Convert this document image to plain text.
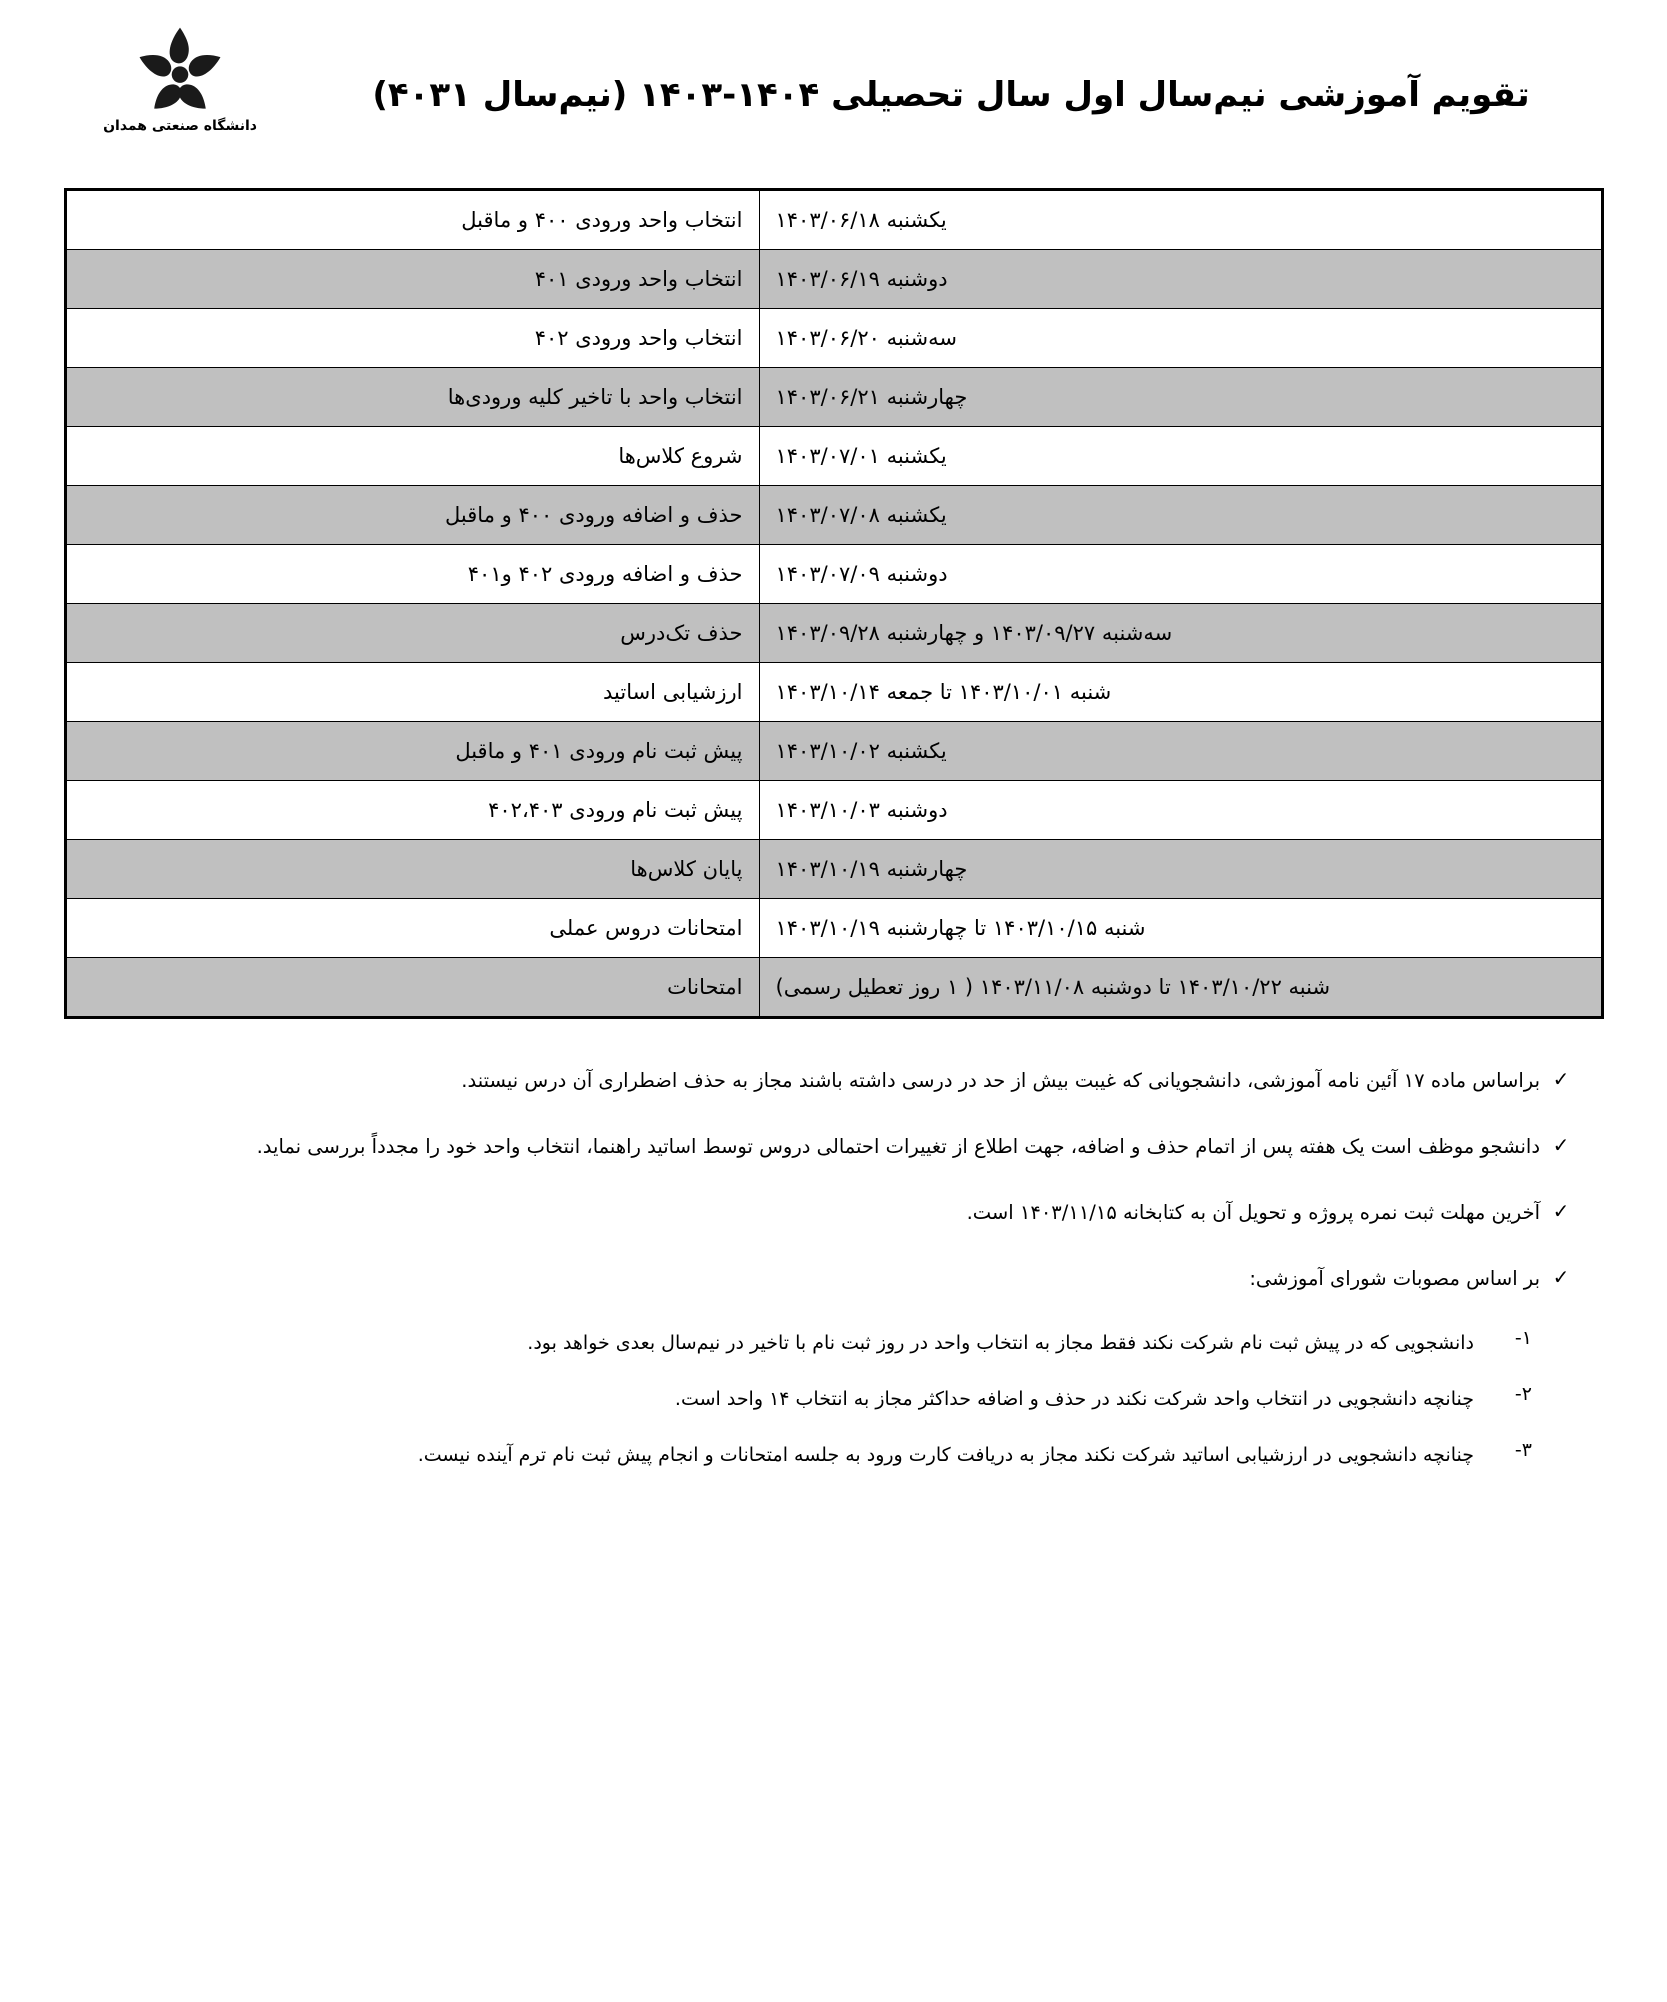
تقویم آموزشی نیم‌سال اول سال تحصیلی ۱۴۰۴-۱۴۰۳ (نیم‌سال ۴۰۳۱)
دانشگاه صنعتی همدان
یکشنبه ۱۴۰۳/۰۶/۱۸	انتخاب واحد ورودی ۴۰۰ و ماقبل
دوشنبه ۱۴۰۳/۰۶/۱۹	انتخاب واحد ورودی ۴۰۱
سه‌شنبه ۱۴۰۳/۰۶/۲۰	انتخاب واحد ورودی ۴۰۲
چهارشنبه ۱۴۰۳/۰۶/۲۱	انتخاب واحد با تاخیر کلیه ورودی‌ها
یکشنبه ۱۴۰۳/۰۷/۰۱	شروع کلاس‌ها
یکشنبه ۱۴۰۳/۰۷/۰۸	حذف و اضافه ورودی ۴۰۰ و ماقبل
دوشنبه ۱۴۰۳/۰۷/۰۹	حذف و اضافه ورودی ۴۰۲ و۴۰۱
سه‌شنبه ۱۴۰۳/۰۹/۲۷ و چهارشنبه ۱۴۰۳/۰۹/۲۸	حذف تک‌درس
شنبه ۱۴۰۳/۱۰/۰۱ تا جمعه ۱۴۰۳/۱۰/۱۴	ارزشیابی اساتید
یکشنبه ۱۴۰۳/۱۰/۰۲	پیش ثبت نام ورودی ۴۰۱ و ماقبل
دوشنبه ۱۴۰۳/۱۰/۰۳	پیش ثبت نام ورودی ۴۰۲،۴۰۳
چهارشنبه ۱۴۰۳/۱۰/۱۹	پایان کلاس‌ها
شنبه ۱۴۰۳/۱۰/۱۵ تا چهارشنبه ۱۴۰۳/۱۰/۱۹	امتحانات دروس عملی
شنبه ۱۴۰۳/۱۰/۲۲ تا دوشنبه ۱۴۰۳/۱۱/۰۸ ( ۱ روز تعطیل رسمی)	امتحانات
✓
براساس ماده ۱۷ آئین نامه آموزشی، دانشجویانی که غیبت بیش از حد در درسی داشته باشند مجاز به حذف اضطراری آن درس نیستند.
✓
دانشجو موظف است یک هفته پس از اتمام حذف و اضافه، جهت اطلاع از تغییرات احتمالی دروس توسط اساتید راهنما، انتخاب واحد خود را مجدداً بررسی نماید.
✓
آخرین مهلت ثبت نمره پروژه و تحویل آن به کتابخانه ۱۴۰۳/۱۱/۱۵ است.
✓
بر اساس مصوبات شورای آموزشی:
۱-
دانشجویی که در پیش ثبت نام شرکت نکند فقط مجاز به انتخاب واحد در روز ثبت نام با تاخیر در نیم‌سال بعدی خواهد بود.
۲-
چنانچه دانشجویی در انتخاب واحد شرکت نکند در حذف و اضافه حداکثر مجاز به انتخاب ۱۴ واحد است.
۳-
چنانچه دانشجویی در ارزشیابی اساتید شرکت نکند مجاز به دریافت کارت ورود به جلسه امتحانات و انجام پیش ثبت نام ترم آینده نیست.
